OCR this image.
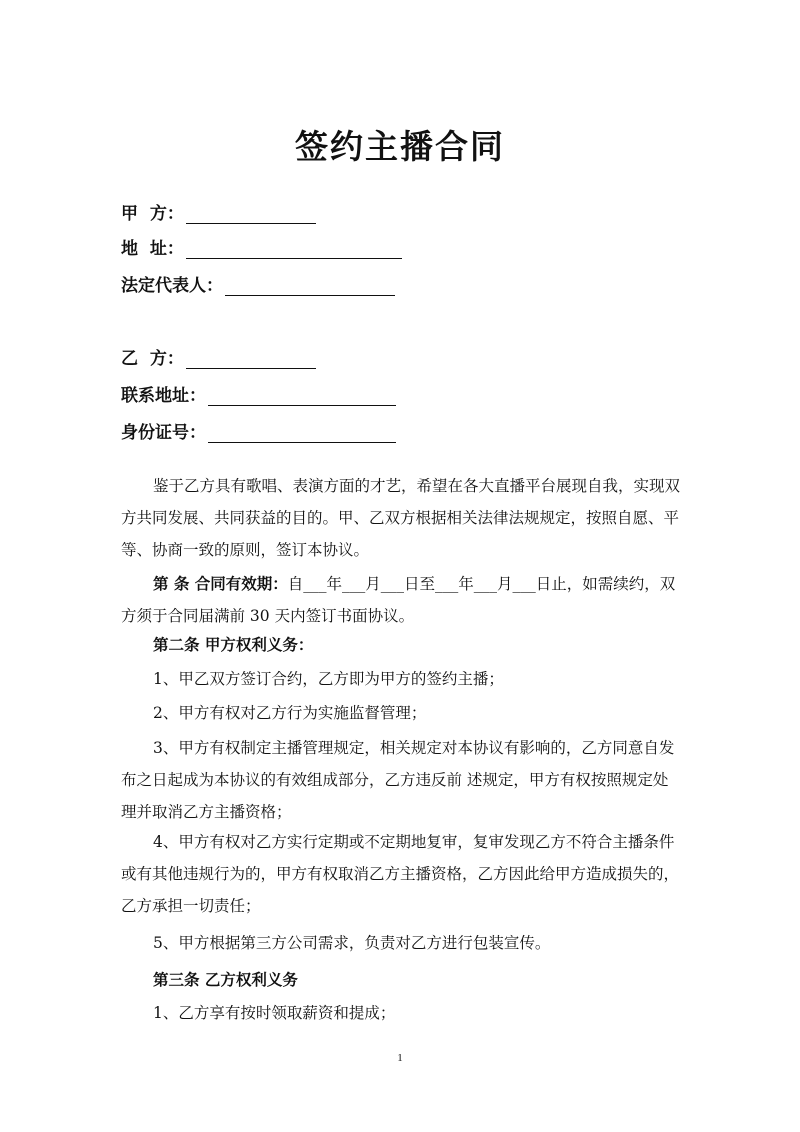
签约主播合同
甲  方：
地  址：
法定代表人：
乙  方：
联系地址：
身份证号：
鉴于乙方具有歌唱、表演方面的才艺，希望在各大直播平台展现自我，实现双方共同发展、共同获益的目的。甲、乙双方根据相关法律法规规定，按照自愿、平等、协商一致的原则，签订本协议。
第 条 合同有效期：自___年___月___日至___年___月___日止，如需续约，双方须于合同届满前 30 天内签订书面协议。
第二条 甲方权利义务：
1、甲乙双方签订合约，乙方即为甲方的签约主播；
2、甲方有权对乙方行为实施监督管理；
3、甲方有权制定主播管理规定，相关规定对本协议有影响的，乙方同意自发布之日起成为本协议的有效组成部分，乙方违反前 述规定，甲方有权按照规定处理并取消乙方主播资格；
4、甲方有权对乙方实行定期或不定期地复审，复审发现乙方不符合主播条件或有其他违规行为的，甲方有权取消乙方主播资格，乙方因此给甲方造成损失的，乙方承担一切责任；
5、甲方根据第三方公司需求，负责对乙方进行包装宣传。
第三条 乙方权利义务
1、乙方享有按时领取薪资和提成；
1
